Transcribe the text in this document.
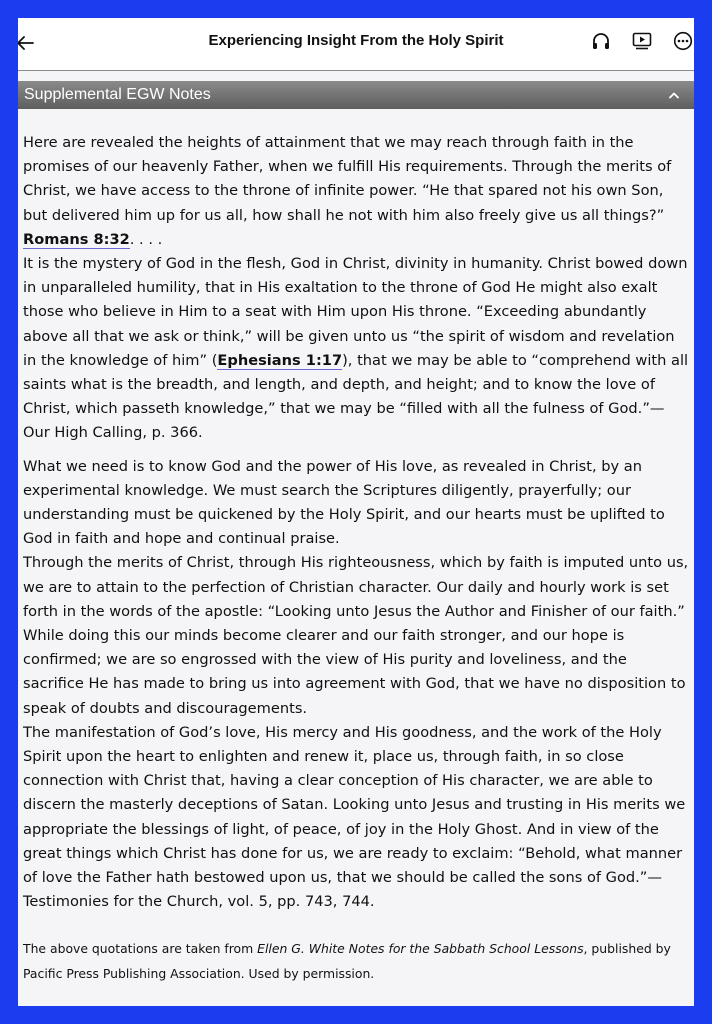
Experiencing Insight From the Holy Spirit
Supplemental EGW Notes

Here are revealed the heights of attainment that we may reach through faith in the promises of our heavenly Father, when we fulfill His requirements. Through the merits of Christ, we have access to the throne of infinite power. “He that spared not his own Son, but delivered him up for us all, how shall he not with him also freely give us all things?” Romans 8:32. . . .

It is the mystery of God in the flesh, God in Christ, divinity in humanity. Christ bowed down in unparalleled humility, that in His exaltation to the throne of God He might also exalt those who believe in Him to a seat with Him upon His throne. “Exceeding abundantly above all that we ask or think,” will be given unto us “the spirit of wisdom and revelation in the knowledge of him” (Ephesians 1:17), that we may be able to “comprehend with all saints what is the breadth, and length, and depth, and height; and to know the love of Christ, which passeth knowledge,” that we may be “filled with all the fulness of God.”—Our High Calling, p. 366.

What we need is to know God and the power of His love, as revealed in Christ, by an experimental knowledge. We must search the Scriptures diligently, prayerfully; our understanding must be quickened by the Holy Spirit, and our hearts must be uplifted to God in faith and hope and continual praise.

Through the merits of Christ, through His righteousness, which by faith is imputed unto us, we are to attain to the perfection of Christian character. Our daily and hourly work is set forth in the words of the apostle: “Looking unto Jesus the Author and Finisher of our faith.” While doing this our minds become clearer and our faith stronger, and our hope is confirmed; we are so engrossed with the view of His purity and loveliness, and the sacrifice He has made to bring us into agreement with God, that we have no disposition to speak of doubts and discouragements.

The manifestation of God’s love, His mercy and His goodness, and the work of the Holy Spirit upon the heart to enlighten and renew it, place us, through faith, in so close connection with Christ that, having a clear conception of His character, we are able to discern the masterly deceptions of Satan. Looking unto Jesus and trusting in His merits we appropriate the blessings of light, of peace, of joy in the Holy Ghost. And in view of the great things which Christ has done for us, we are ready to exclaim: “Behold, what manner of love the Father hath bestowed upon us, that we should be called the sons of God.”—Testimonies for the Church, vol. 5, pp. 743, 744.

The above quotations are taken from Ellen G. White Notes for the Sabbath School Lessons, published by Pacific Press Publishing Association. Used by permission.
